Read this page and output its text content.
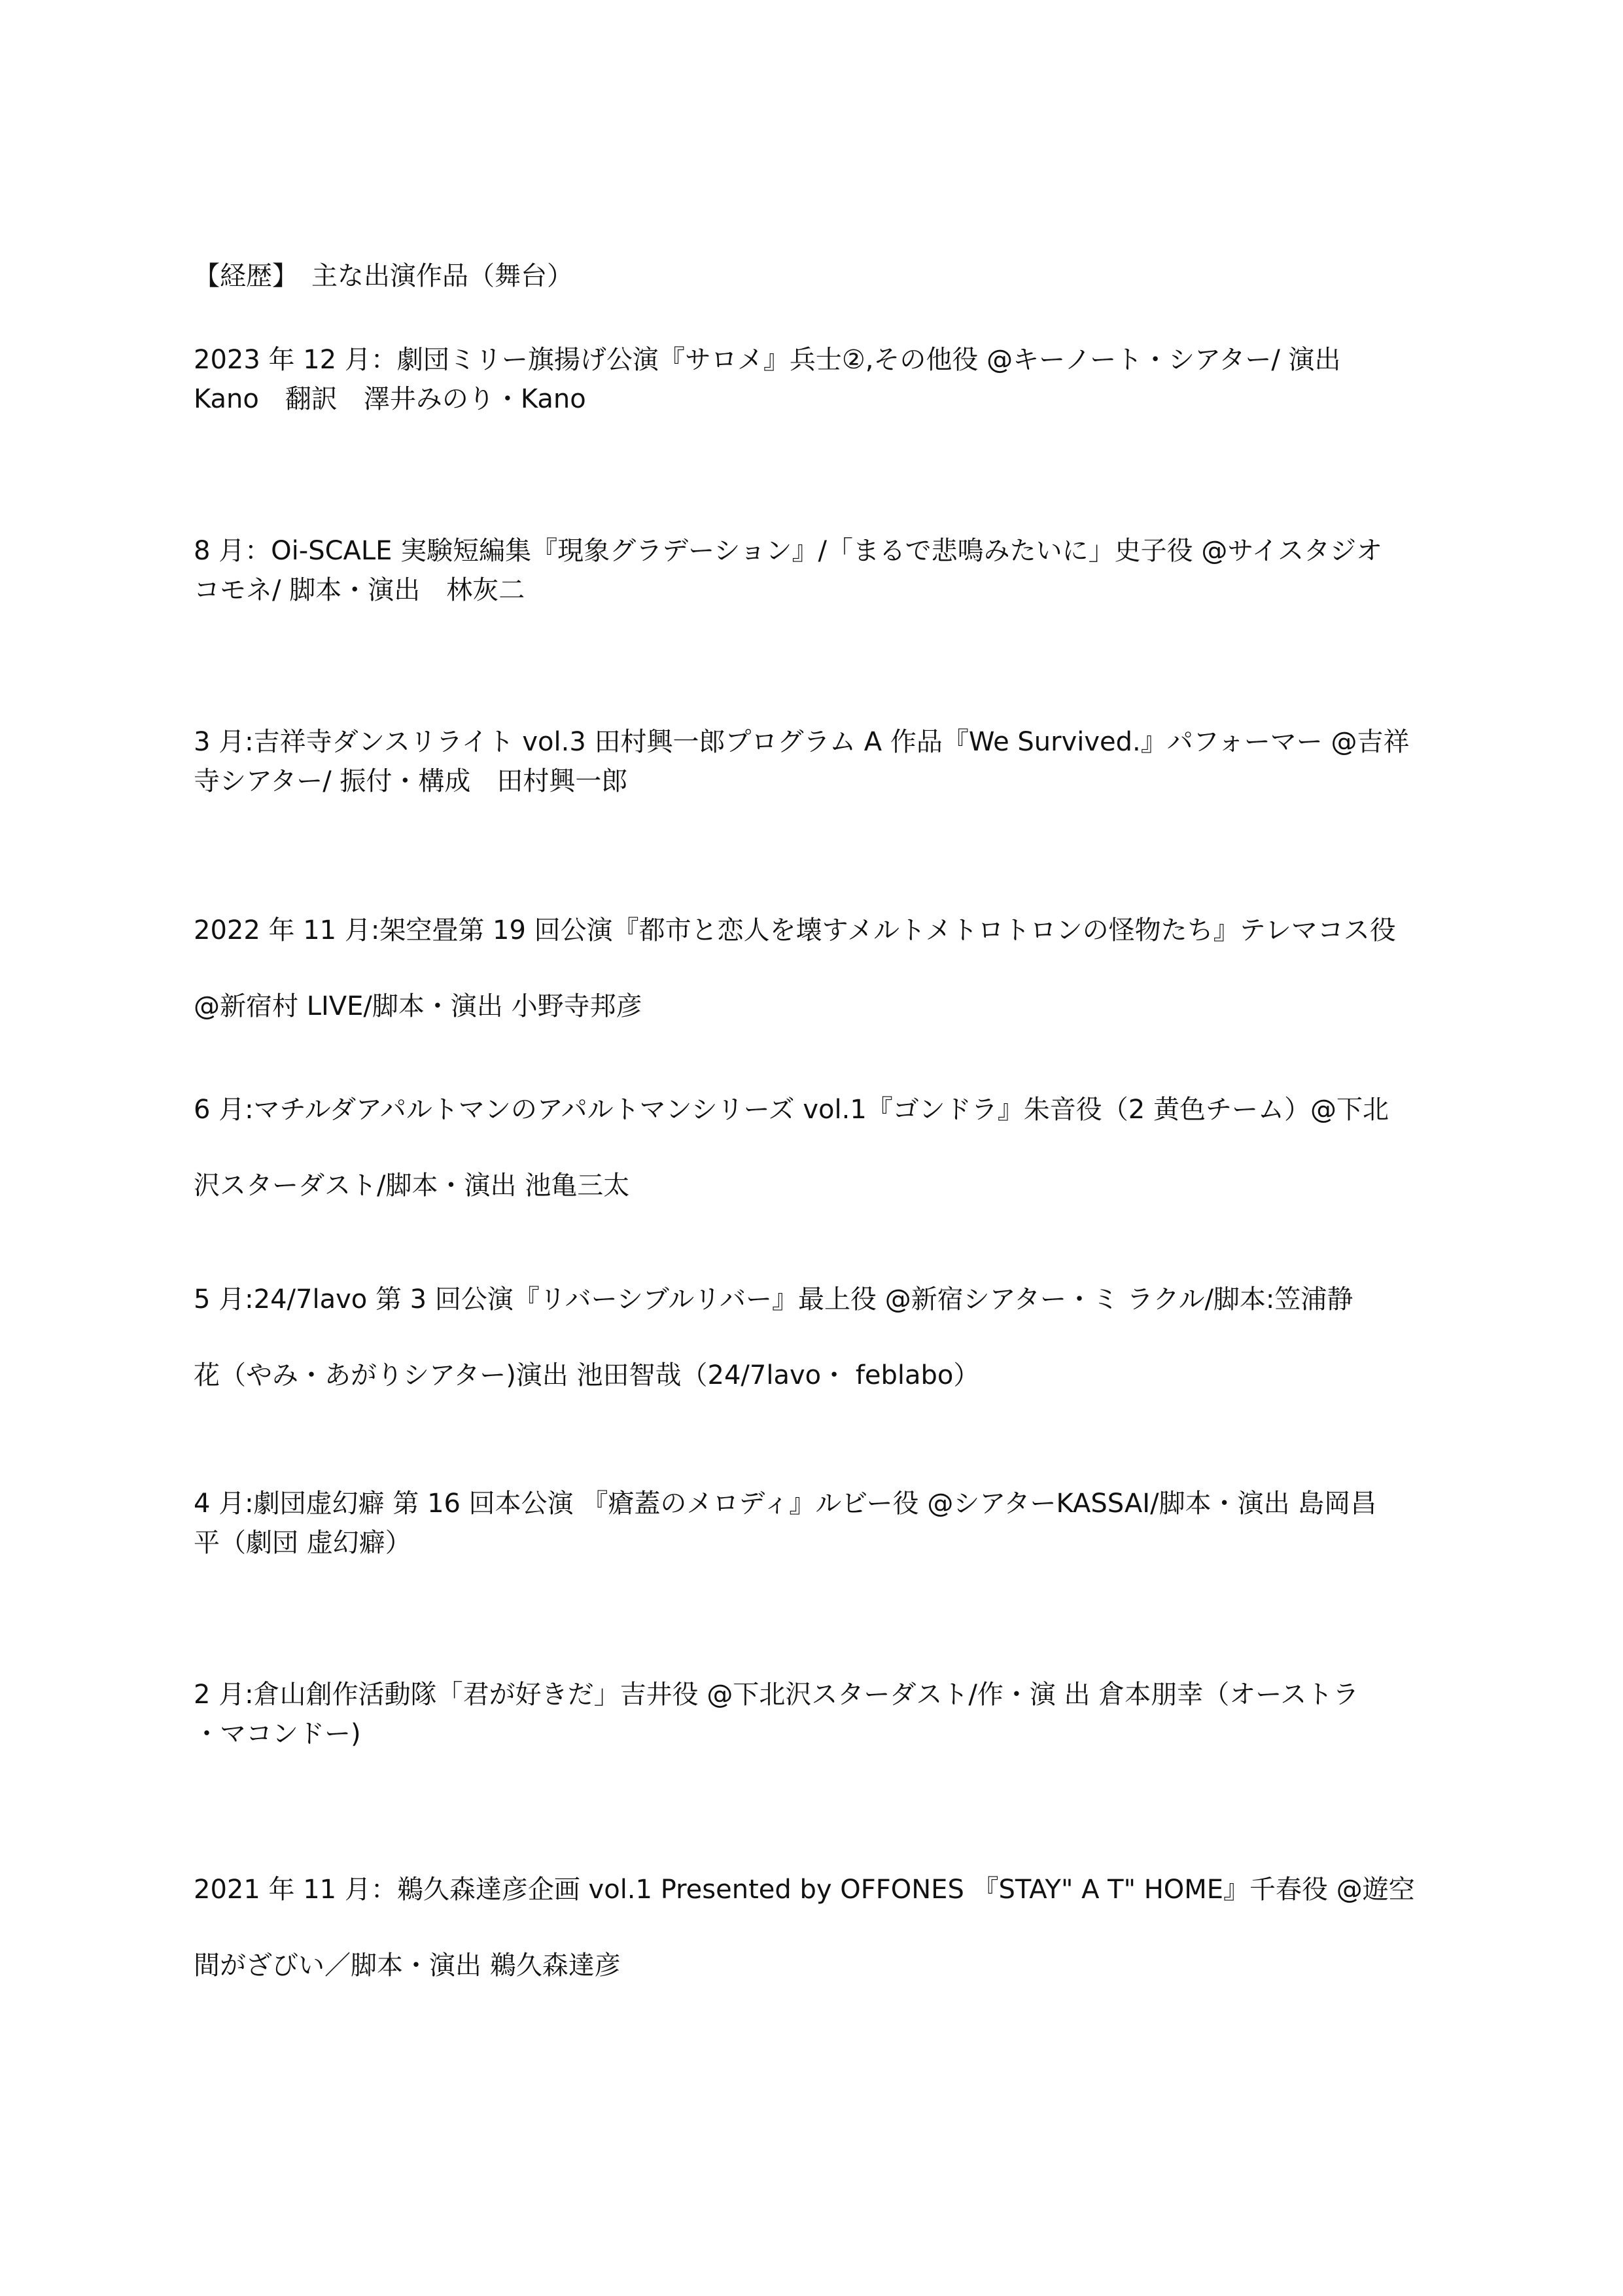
【経歴】　主な出演作品（舞台）
2023 年 12 月：劇団ミリー旗揚げ公演『サロメ』兵士②,その他役 @キーノート・シアター/ 演出
Kano　翻訳　澤井みのり・Kano
8 月：Oi-SCALE 実験短編集『現象グラデーション』/「まるで悲鳴みたいに」史子役 @サイスタジオ
コモネ/ 脚本・演出　林灰二
3 月:吉祥寺ダンスリライト vol.3 田村興一郎プログラム A 作品『We Survived.』パフォーマー @吉祥
寺シアター/ 振付・構成　田村興一郎
2022 年 11 月:架空畳第 19 回公演『都市と恋人を壊すメルトメトロトロンの怪物たち』テレマコス役
@新宿村 LIVE/脚本・演出 小野寺邦彦
6 月:マチルダアパルトマンのアパルトマンシリーズ vol.1『ゴンドラ』朱音役（2 黄色チーム）@下北
沢スターダスト/脚本・演出 池亀三太
5 月:24/7lavo 第 3 回公演『リバーシブルリバー』最上役 @新宿シアター・ミ ラクル/脚本:笠浦静
花（やみ・あがりシアター)演出 池田智哉（24/7lavo・ feblabo）
4 月:劇団虚幻癖 第 16 回本公演 『瘡蓋のメロディ』ルビー役 @シアターKASSAI/脚本・演出 島岡昌
平（劇団 虚幻癖）
2 月:倉山創作活動隊「君が好きだ」吉井役 @下北沢スターダスト/作・演 出 倉本朋幸（オーストラ
・マコンドー)
2021 年 11 月：鵜久森達彦企画 vol.1 Presented by OFFONES 『STAY" A T" HOME』千春役 @遊空
間がざびい／脚本・演出 鵜久森達彦
